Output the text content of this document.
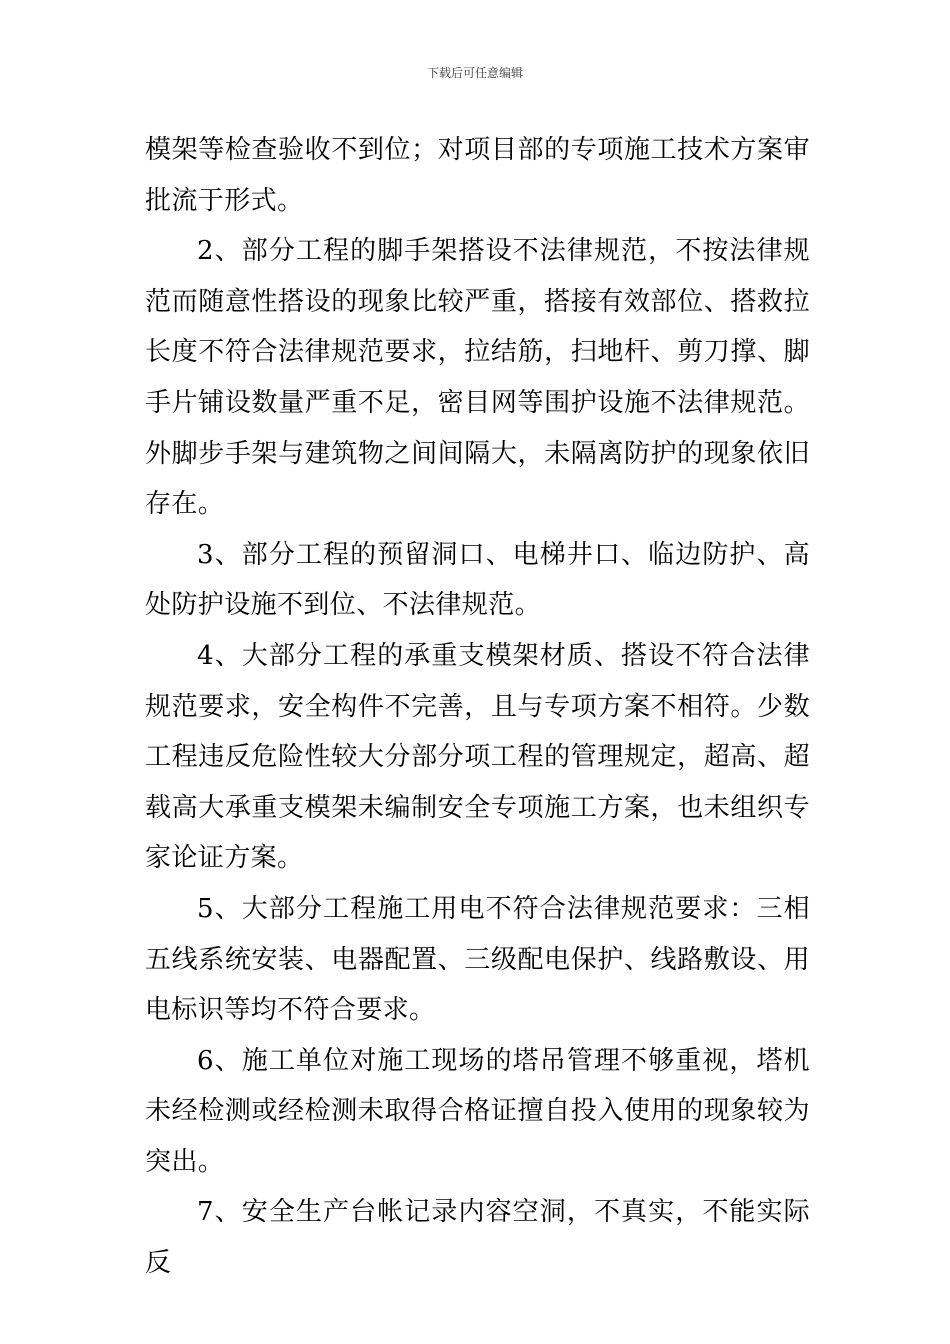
下载后可任意编辑

模架等检查验收不到位；对项目部的专项施工技术方案审批流于形式。

2、部分工程的脚手架搭设不法律规范，不按法律规范而随意性搭设的现象比较严重，搭接有效部位、搭救拉长度不符合法律规范要求，拉结筋，扫地杆、剪刀撑、脚手片铺设数量严重不足，密目网等围护设施不法律规范。外脚步手架与建筑物之间间隔大，未隔离防护的现象依旧存在。

3、部分工程的预留洞口、电梯井口、临边防护、高处防护设施不到位、不法律规范。

4、大部分工程的承重支模架材质、搭设不符合法律规范要求，安全构件不完善，且与专项方案不相符。少数工程违反危险性较大分部分项工程的管理规定，超高、超载高大承重支模架未编制安全专项施工方案，也未组织专家论证方案。

5、大部分工程施工用电不符合法律规范要求：三相五线系统安装、电器配置、三级配电保护、线路敷设、用电标识等均不符合要求。

6、施工单位对施工现场的塔吊管理不够重视，塔机未经检测或经检测未取得合格证擅自投入使用的现象较为突出。

7、安全生产台帐记录内容空洞，不真实，不能实际反
